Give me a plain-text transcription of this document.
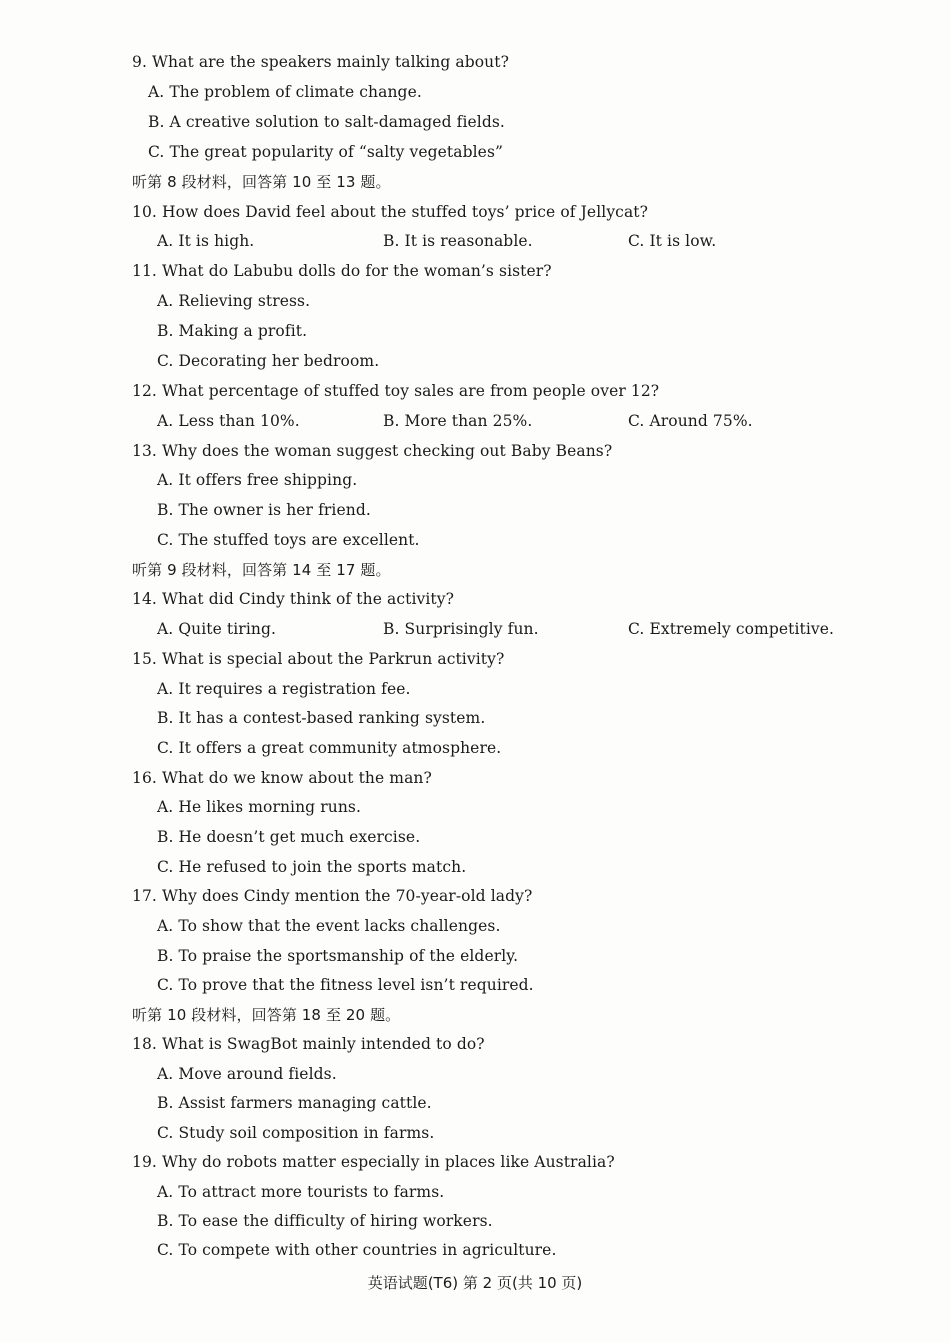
9. What are the speakers mainly talking about?
A. The problem of climate change.
B. A creative solution to salt-damaged fields.
C. The great popularity of “salty vegetables”
听第 8 段材料，回答第 10 至 13 题。
10. How does David feel about the stuffed toys’ price of Jellycat?
A. It is high.	B. It is reasonable.	C. It is low.
11. What do Labubu dolls do for the woman’s sister?
A. Relieving stress.
B. Making a profit.
C. Decorating her bedroom.
12. What percentage of stuffed toy sales are from people over 12?
A. Less than 10%.	B. More than 25%.	C. Around 75%.
13. Why does the woman suggest checking out Baby Beans?
A. It offers free shipping.
B. The owner is her friend.
C. The stuffed toys are excellent.
听第 9 段材料，回答第 14 至 17 题。
14. What did Cindy think of the activity?
A. Quite tiring.	B. Surprisingly fun.	C. Extremely competitive.
15. What is special about the Parkrun activity?
A. It requires a registration fee.
B. It has a contest-based ranking system.
C. It offers a great community atmosphere.
16. What do we know about the man?
A. He likes morning runs.
B. He doesn’t get much exercise.
C. He refused to join the sports match.
17. Why does Cindy mention the 70-year-old lady?
A. To show that the event lacks challenges.
B. To praise the sportsmanship of the elderly.
C. To prove that the fitness level isn’t required.
听第 10 段材料，回答第 18 至 20 题。
18. What is SwagBot mainly intended to do?
A. Move around fields.
B. Assist farmers managing cattle.
C. Study soil composition in farms.
19. Why do robots matter especially in places like Australia?
A. To attract more tourists to farms.
B. To ease the difficulty of hiring workers.
C. To compete with other countries in agriculture.
英语试题(T6) 第 2 页(共 10 页)
